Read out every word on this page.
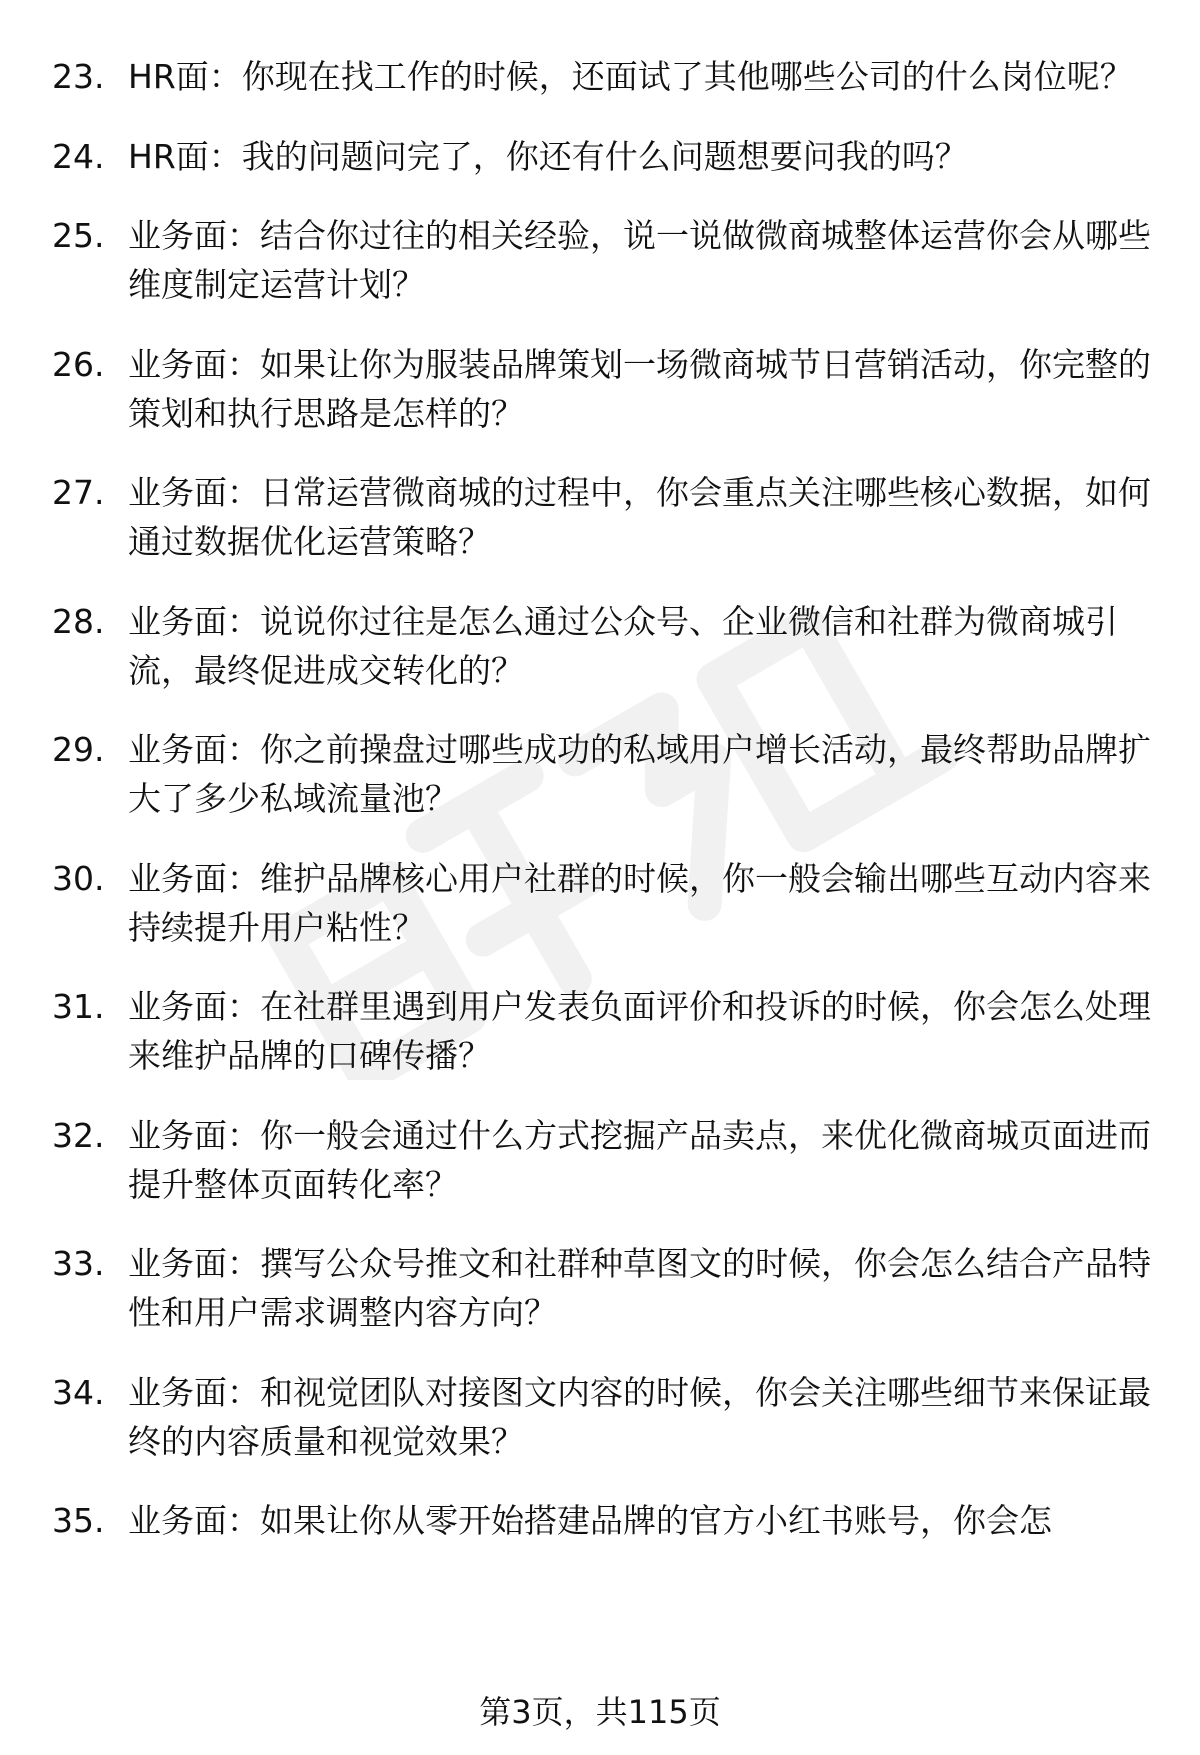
23. HR面：你现在找工作的时候，还面试了其他哪些公司的什么岗位呢？
24. HR面：我的问题问完了，你还有什么问题想要问我的吗？
25. 业务面：结合你过往的相关经验，说一说做微商城整体运营你会从哪些维度制定运营计划？
26. 业务面：如果让你为服装品牌策划一场微商城节日营销活动，你完整的策划和执行思路是怎样的？
27. 业务面：日常运营微商城的过程中，你会重点关注哪些核心数据，如何通过数据优化运营策略？
28. 业务面：说说你过往是怎么通过公众号、企业微信和社群为微商城引流，最终促进成交转化的？
29. 业务面：你之前操盘过哪些成功的私域用户增长活动，最终帮助品牌扩大了多少私域流量池？
30. 业务面：维护品牌核心用户社群的时候，你一般会输出哪些互动内容来持续提升用户粘性？
31. 业务面：在社群里遇到用户发表负面评价和投诉的时候，你会怎么处理来维护品牌的口碑传播？
32. 业务面：你一般会通过什么方式挖掘产品卖点，来优化微商城页面进而提升整体页面转化率？
33. 业务面：撰写公众号推文和社群种草图文的时候，你会怎么结合产品特性和用户需求调整内容方向？
34. 业务面：和视觉团队对接图文内容的时候，你会关注哪些细节来保证最终的内容质量和视觉效果？
35. 业务面：如果让你从零开始搭建品牌的官方小红书账号，你会怎
第3页，共115页
